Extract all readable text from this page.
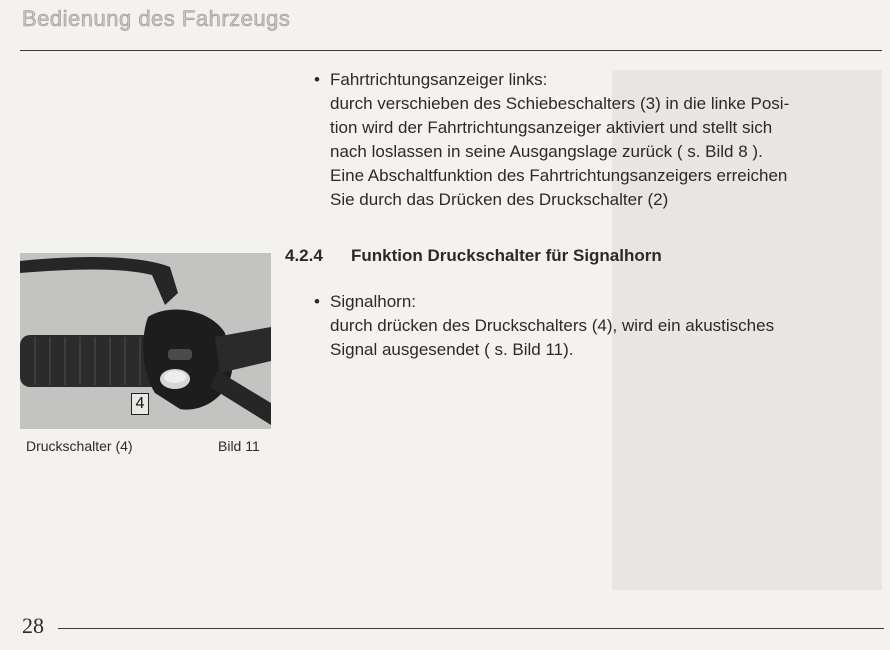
Bedienung des Fahrzeugs
• Fahrtrichtungsanzeiger links:
durch verschieben des Schiebeschalters (3) in die linke Posi-
tion wird der Fahrtrichtungsanzeiger aktiviert und stellt sich
nach loslassen in seine Ausgangslage zurück ( s. Bild 8 ).
Eine Abschaltfunktion des Fahrtrichtungsanzeigers erreichen
Sie durch das Drücken des Druckschalter (2)
4.2.4 Funktion Druckschalter für Signalhorn
• Signalhorn:
durch drücken des Druckschalters (4), wird ein akustisches
Signal ausgesendet ( s. Bild 11).
4
Druckschalter (4)	Bild 11
28
